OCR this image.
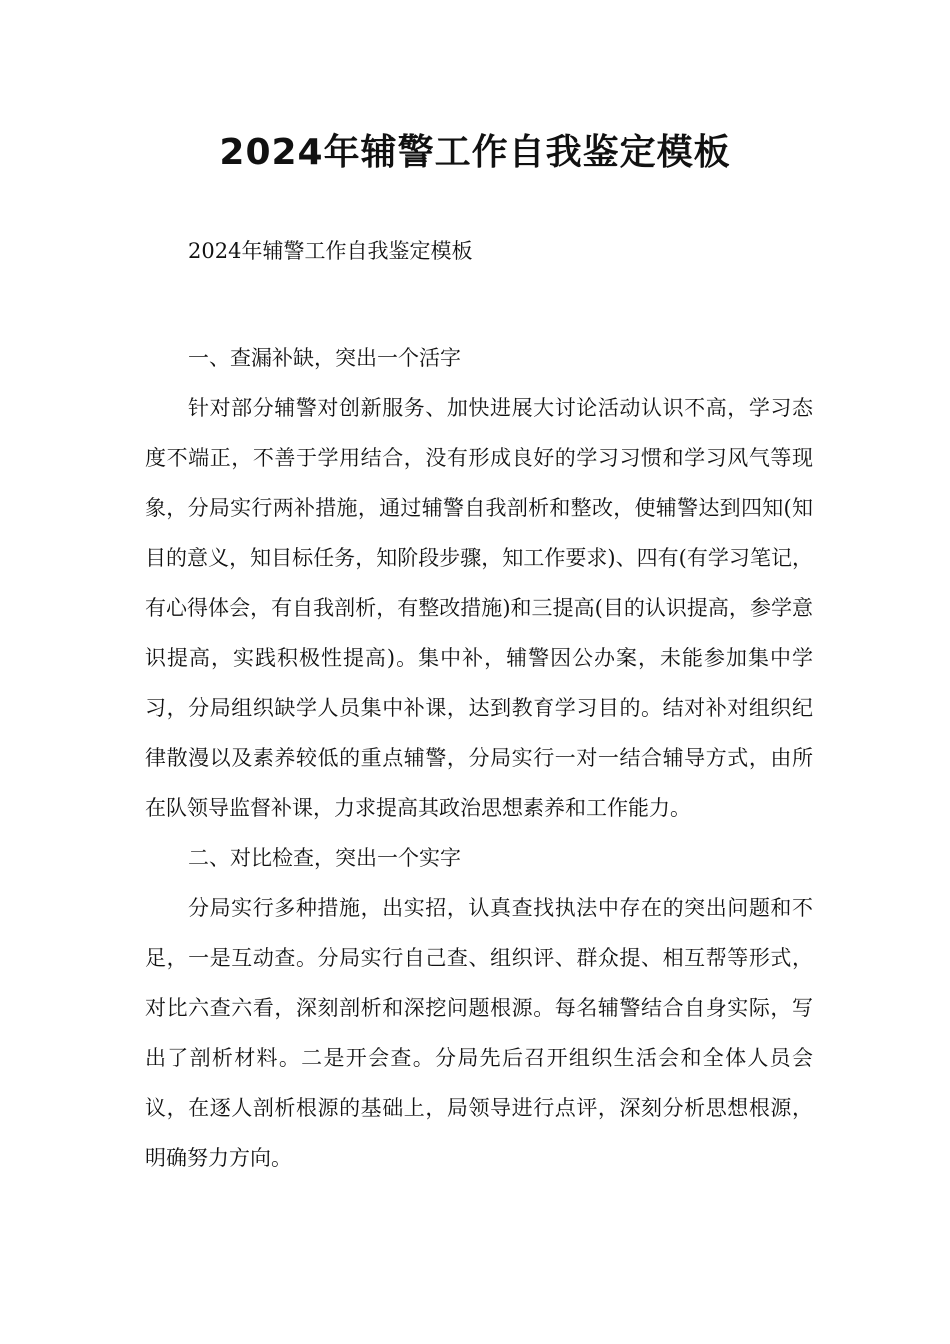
2024年辅警工作自我鉴定模板

2024年辅警工作自我鉴定模板

一、查漏补缺，突出一个活字

针对部分辅警对创新服务、加快进展大讨论活动认识不高，学习态度不端正，不善于学用结合，没有形成良好的学习习惯和学习风气等现象，分局实行两补措施，通过辅警自我剖析和整改，使辅警达到四知(知目的意义，知目标任务，知阶段步骤，知工作要求)、四有(有学习笔记，有心得体会，有自我剖析，有整改措施)和三提高(目的认识提高，参学意识提高，实践积极性提高)。集中补，辅警因公办案，未能参加集中学习，分局组织缺学人员集中补课，达到教育学习目的。结对补对组织纪律散漫以及素养较低的重点辅警，分局实行一对一结合辅导方式，由所在队领导监督补课，力求提高其政治思想素养和工作能力。

二、对比检查，突出一个实字

分局实行多种措施，出实招，认真查找执法中存在的突出问题和不足，一是互动查。分局实行自己查、组织评、群众提、相互帮等形式，对比六查六看，深刻剖析和深挖问题根源。每名辅警结合自身实际，写出了剖析材料。二是开会查。分局先后召开组织生活会和全体人员会议，在逐人剖析根源的基础上，局领导进行点评，深刻分析思想根源，明确努力方向。
